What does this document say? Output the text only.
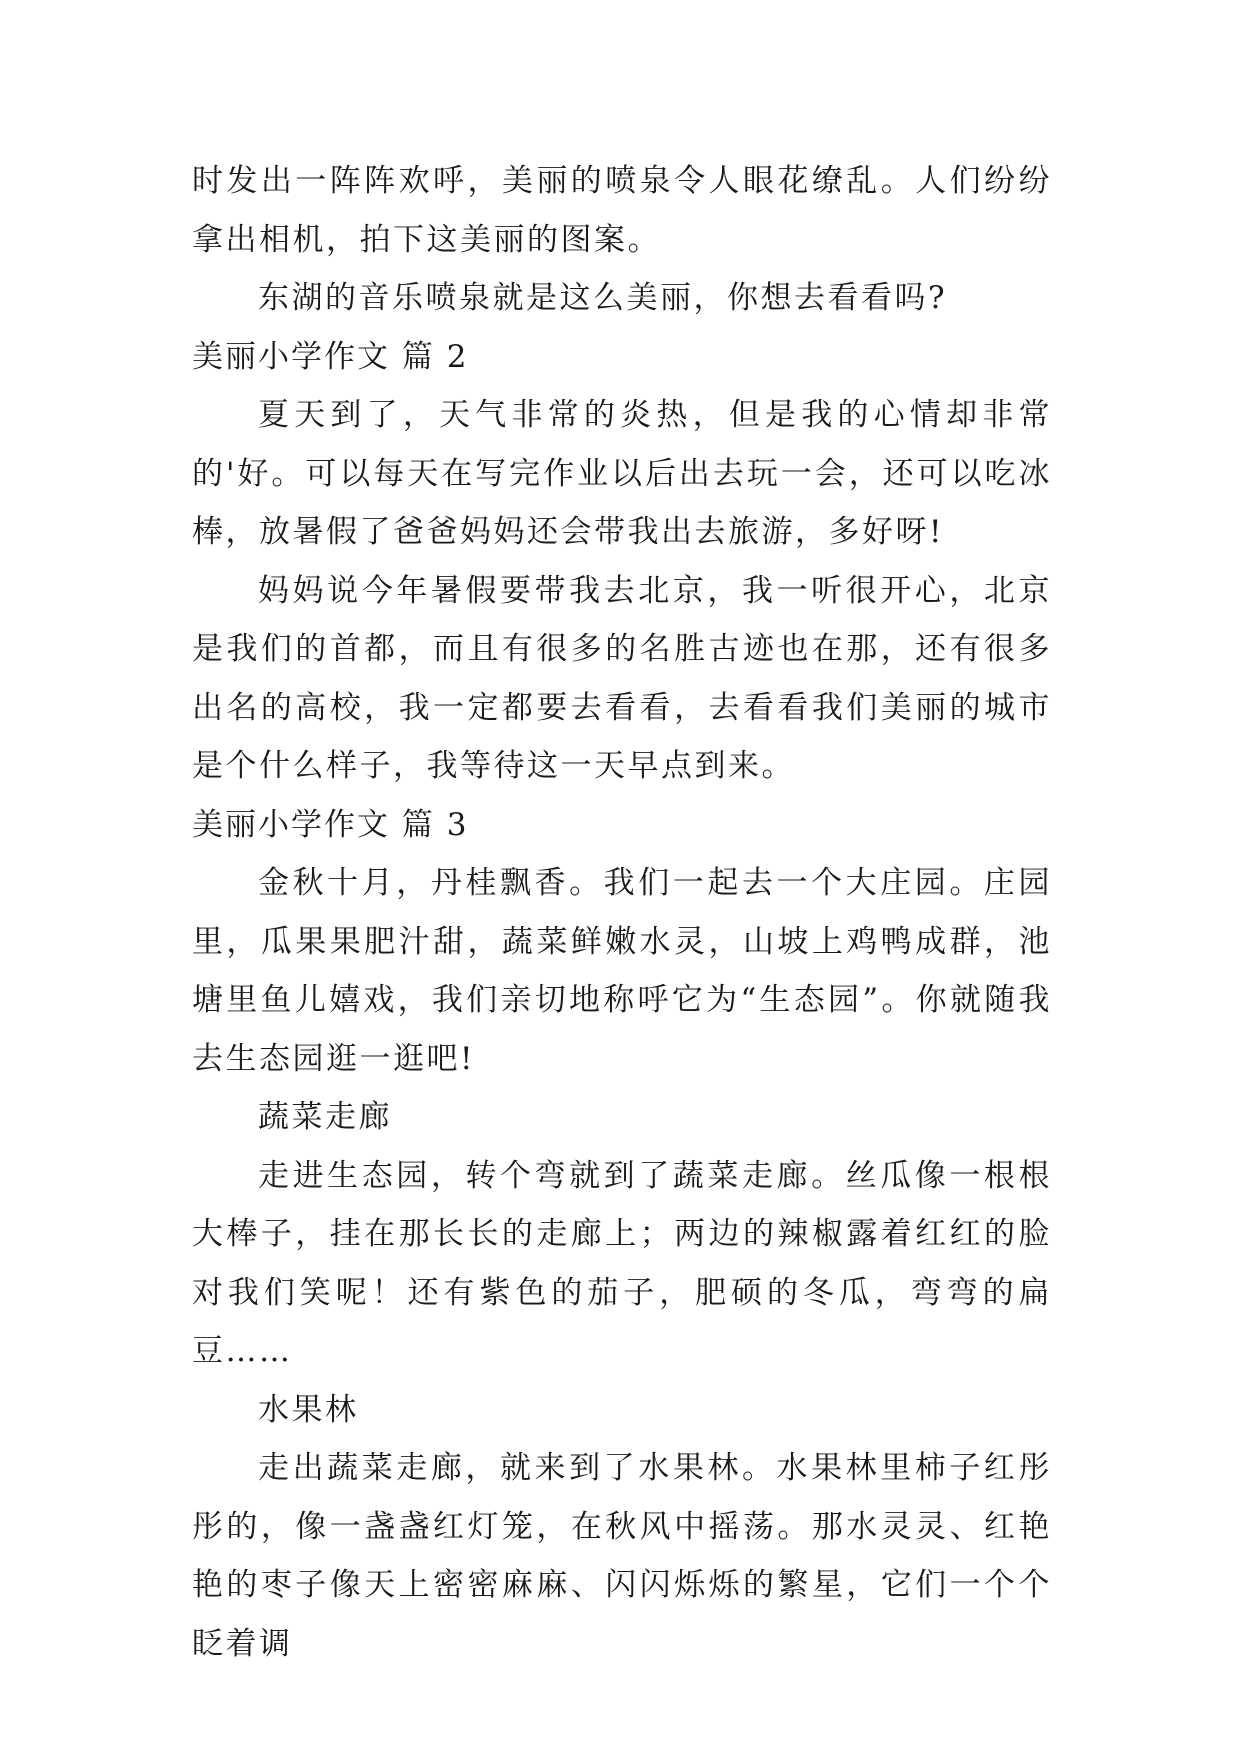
时发出一阵阵欢呼，美丽的喷泉令人眼花缭乱。人们纷纷拿出相机，拍下这美丽的图案。

东湖的音乐喷泉就是这么美丽，你想去看看吗?

美丽小学作文 篇 2

夏天到了，天气非常的炎热，但是我的心情却非常的'好。可以每天在写完作业以后出去玩一会，还可以吃冰棒，放暑假了爸爸妈妈还会带我出去旅游，多好呀!

妈妈说今年暑假要带我去北京，我一听很开心，北京是我们的首都，而且有很多的名胜古迹也在那，还有很多出名的高校，我一定都要去看看，去看看我们美丽的城市是个什么样子，我等待这一天早点到来。

美丽小学作文 篇 3

金秋十月，丹桂飘香。我们一起去一个大庄园。庄园里，瓜果果肥汁甜，蔬菜鲜嫩水灵，山坡上鸡鸭成群，池塘里鱼儿嬉戏，我们亲切地称呼它为“生态园”。你就随我去生态园逛一逛吧!

蔬菜走廊

走进生态园，转个弯就到了蔬菜走廊。丝瓜像一根根大棒子，挂在那长长的走廊上；两边的辣椒露着红红的脸对我们笑呢！还有紫色的茄子，肥硕的冬瓜，弯弯的扁豆……

水果林

走出蔬菜走廊，就来到了水果林。水果林里柿子红彤彤的，像一盏盏红灯笼，在秋风中摇荡。那水灵灵、红艳艳的枣子像天上密密麻麻、闪闪烁烁的繁星，它们一个个眨着调
